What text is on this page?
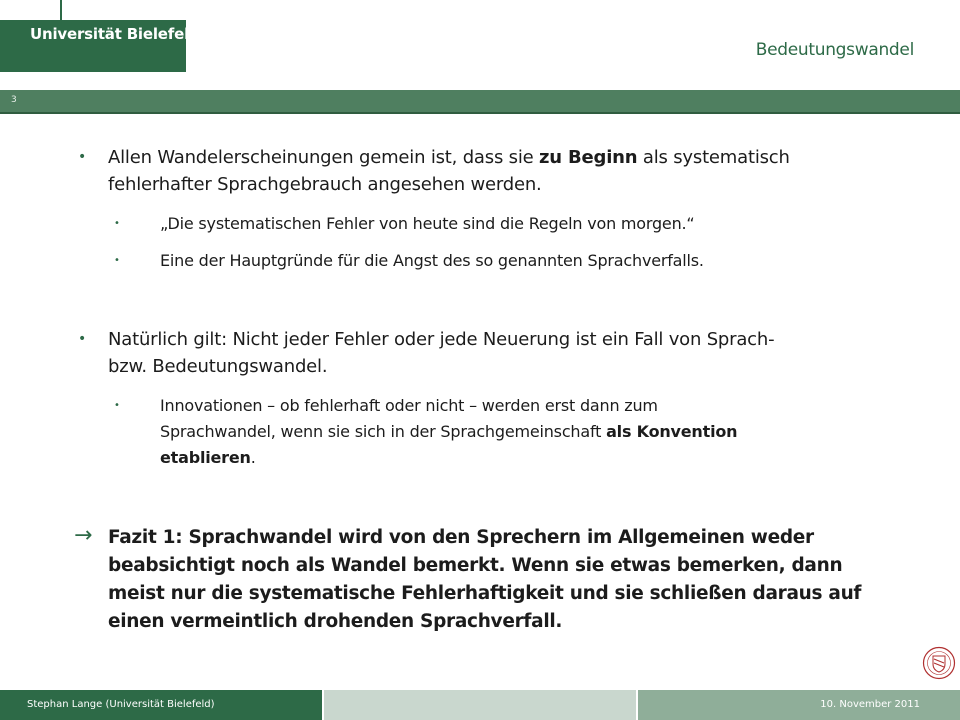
Universität Bielefeld
Bedeutungswandel
3
• Allen Wandelerscheinungen gemein ist, dass sie zu Beginn als systematisch
fehlerhafter Sprachgebrauch angesehen werden.
•	„Die systematischen Fehler von heute sind die Regeln von morgen.“
•	Eine der Hauptgründe für die Angst des so genannten Sprachverfalls.
• Natürlich gilt: Nicht jeder Fehler oder jede Neuerung ist ein Fall von Sprach-
bzw. Bedeutungswandel.
•	Innovationen – ob fehlerhaft oder nicht – werden erst dann zum
Sprachwandel, wenn sie sich in der Sprachgemeinschaft als Konvention
etablieren.
→ Fazit 1: Sprachwandel wird von den Sprechern im Allgemeinen weder
beabsichtigt noch als Wandel bemerkt. Wenn sie etwas bemerken, dann
meist nur die systematische Fehlerhaftigkeit und sie schließen daraus auf
einen vermeintlich drohenden Sprachverfall.
Stephan Lange (Universität Bielefeld)	10. November 2011
